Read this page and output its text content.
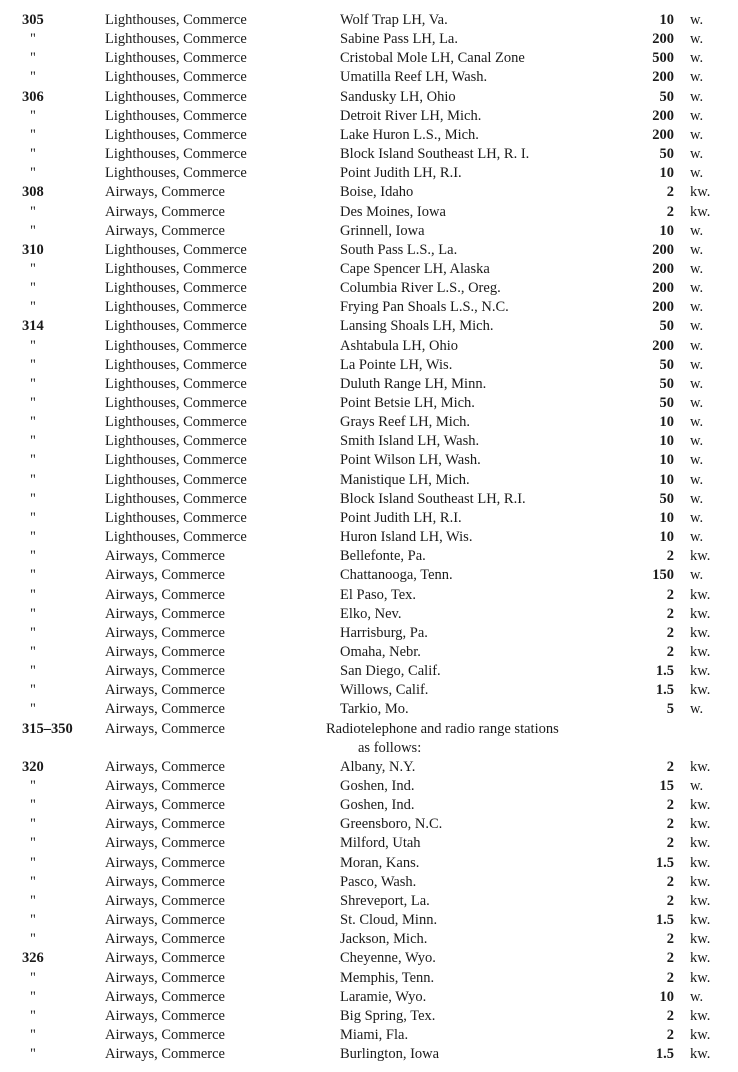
305	Lighthouses, Commerce	Wolf Trap LH, Va.	10 w.
"	Lighthouses, Commerce	Sabine Pass LH, La.	200 w.
"	Lighthouses, Commerce	Cristobal Mole LH, Canal Zone	500 w.
"	Lighthouses, Commerce	Umatilla Reef LH, Wash.	200 w.
306	Lighthouses, Commerce	Sandusky LH, Ohio	50 w.
"	Lighthouses, Commerce	Detroit River LH, Mich.	200 w.
"	Lighthouses, Commerce	Lake Huron L.S., Mich.	200 w.
"	Lighthouses, Commerce	Block Island Southeast LH, R. I.	50 w.
"	Lighthouses, Commerce	Point Judith LH, R.I.	10 w.
308	Airways, Commerce	Boise, Idaho	2 kw.
"	Airways, Commerce	Des Moines, Iowa	2 kw.
"	Airways, Commerce	Grinnell, Iowa	10 w.
310	Lighthouses, Commerce	South Pass L.S., La.	200 w.
"	Lighthouses, Commerce	Cape Spencer LH, Alaska	200 w.
"	Lighthouses, Commerce	Columbia River L.S., Oreg.	200 w.
"	Lighthouses, Commerce	Frying Pan Shoals L.S., N.C.	200 w.
314	Lighthouses, Commerce	Lansing Shoals LH, Mich.	50 w.
"	Lighthouses, Commerce	Ashtabula LH, Ohio	200 w.
"	Lighthouses, Commerce	La Pointe LH, Wis.	50 w.
"	Lighthouses, Commerce	Duluth Range LH, Minn.	50 w.
"	Lighthouses, Commerce	Point Betsie LH, Mich.	50 w.
"	Lighthouses, Commerce	Grays Reef LH, Mich.	10 w.
"	Lighthouses, Commerce	Smith Island LH, Wash.	10 w.
"	Lighthouses, Commerce	Point Wilson LH, Wash.	10 w.
"	Lighthouses, Commerce	Manistique LH, Mich.	10 w.
"	Lighthouses, Commerce	Block Island Southeast LH, R.I.	50 w.
"	Lighthouses, Commerce	Point Judith LH, R.I.	10 w.
"	Lighthouses, Commerce	Huron Island LH, Wis.	10 w.
"	Airways, Commerce	Bellefonte, Pa.	2 kw.
"	Airways, Commerce	Chattanooga, Tenn.	150 w.
"	Airways, Commerce	El Paso, Tex.	2 kw.
"	Airways, Commerce	Elko, Nev.	2 kw.
"	Airways, Commerce	Harrisburg, Pa.	2 kw.
"	Airways, Commerce	Omaha, Nebr.	2 kw.
"	Airways, Commerce	San Diego, Calif.	1.5 kw.
"	Airways, Commerce	Willows, Calif.	1.5 kw.
"	Airways, Commerce	Tarkio, Mo.	5 w.
315–350	Airways, Commerce	Radiotelephone and radio range stations
as follows:
320	Airways, Commerce	Albany, N.Y.	2 kw.
"	Airways, Commerce	Goshen, Ind.	15 w.
"	Airways, Commerce	Goshen, Ind.	2 kw.
"	Airways, Commerce	Greensboro, N.C.	2 kw.
"	Airways, Commerce	Milford, Utah	2 kw.
"	Airways, Commerce	Moran, Kans.	1.5 kw.
"	Airways, Commerce	Pasco, Wash.	2 kw.
"	Airways, Commerce	Shreveport, La.	2 kw.
"	Airways, Commerce	St. Cloud, Minn.	1.5 kw.
"	Airways, Commerce	Jackson, Mich.	2 kw.
326	Airways, Commerce	Cheyenne, Wyo.	2 kw.
"	Airways, Commerce	Memphis, Tenn.	2 kw.
"	Airways, Commerce	Laramie, Wyo.	10 w.
"	Airways, Commerce	Big Spring, Tex.	2 kw.
"	Airways, Commerce	Miami, Fla.	2 kw.
"	Airways, Commerce	Burlington, Iowa	1.5 kw.
